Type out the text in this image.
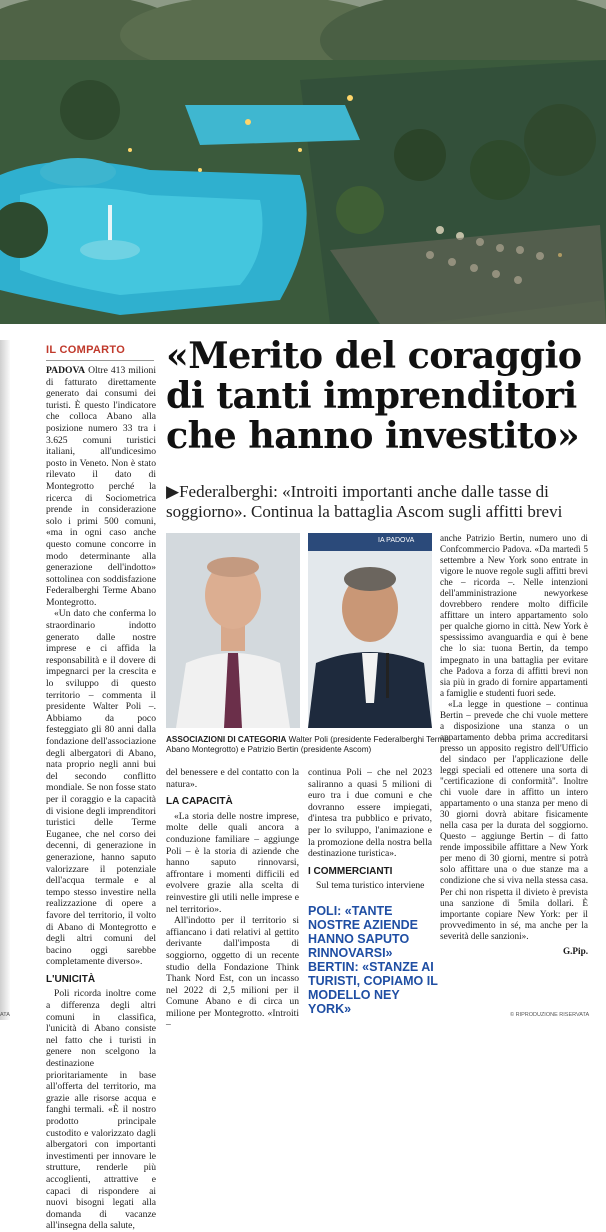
IL COMPARTO

PADOVA Oltre 413 milioni di fatturato direttamente generato dai consumi dei turisti. È questo l'indicatore che colloca Abano alla posizione numero 33 tra i 3.625 comuni turistici italiani, all'undicesimo posto in Veneto. Non è stato rilevato il dato di Montegrotto perché la ricerca di Sociometrica prende in considerazione solo i primi 500 comuni, «ma in ogni caso anche questo comune concorre in modo determinante alla generazione dell'indotto» sottolinea con soddisfazione Federalberghi Terme Abano Montegrotto.

«Un dato che conferma lo straordinario indotto generato dalle nostre imprese e ci affida la responsabilità e il dovere di impegnarci per la crescita e lo sviluppo di questo territorio – commenta il presidente Walter Poli –. Abbiamo da poco festeggiato gli 80 anni dalla fondazione dell'associazione degli albergatori di Abano, nata proprio negli anni bui del secondo conflitto mondiale. Se non fosse stato per il coraggio e la capacità di visione degli imprenditori turistici delle Terme Euganee, che nel corso dei decenni, di generazione in generazione, hanno saputo valorizzare il potenziale dell'acqua termale e al tempo stesso investire nella realizzazione di opere a favore del territorio, il volto di Abano di Montegrotto e degli altri comuni del bacino oggi sarebbe completamente diverso».

L'UNICITÀ

Poli ricorda inoltre come a differenza degli altri comuni in classifica, l'unicità di Abano consiste nel fatto che i turisti in genere non scelgono la destinazione prioritariamente in base all'offerta del territorio, ma grazie alle risorse acqua e fanghi termali. «È il nostro prodotto principale custodito e valorizzato dagli albergatori con importanti investimenti per innovare le strutture, renderle più accoglienti, attrattive e capaci di rispondere ai nuovi bisogni legati alla domanda di vacanze all'insegna della salute,

«Merito del coraggio di tanti imprenditori che hanno investito»
▶Federalberghi: «Introiti importanti anche dalle tasse di soggiorno». Continua la battaglia Ascom sugli affitti brevi
IA PADOVA
ASSOCIAZIONI DI CATEGORIA Walter Poli (presidente Federalberghi Terme Abano Montegrotto) e Patrizio Bertin (presidente Ascom)

del benessere e del contatto con la natura».

LA CAPACITÀ

«La storia delle nostre imprese, molte delle quali ancora a conduzione familiare – aggiunge Poli – è la storia di aziende che hanno saputo rinnovarsi, affrontare i momenti difficili ed evolvere grazie alla scelta di reinvestire gli utili nelle imprese e nel territorio».

All'indotto per il territorio si affiancano i dati relativi al gettito derivante dall'imposta di soggiorno, oggetto di un recente studio della Fondazione Think Thank Nord Est, con un incasso nel 2022 di 2,5 milioni per il Comune Abano e di circa un milione per Montegrotto. «Introiti –

continua Poli – che nel 2023 saliranno a quasi 5 milioni di euro tra i due comuni e che dovranno essere impiegati, d'intesa tra pubblico e privato, per lo sviluppo, l'animazione e la promozione della nostra bella destinazione turistica».

I COMMERCIANTI

Sul tema turistico interviene

POLI: «TANTE NOSTRE AZIENDE HANNO SAPUTO RINNOVARSI» BERTIN: «STANZE AI TURISTI, COPIAMO IL MODELLO NEY YORK»

anche Patrizio Bertin, numero uno di Confcommercio Padova. «Da martedì 5 settembre a New York sono entrate in vigore le nuove regole sugli affitti brevi che – ricorda –. Nelle intenzioni dell'amministrazione newyorkese dovrebbero rendere molto difficile affittare un intero appartamento solo per qualche giorno in città. New York è spessissimo avanguardia e qui è bene che lo sia: tuona Bertin, da tempo impegnato in una battaglia per evitare che Padova a forza di affitti brevi non sia più in grado di fornire appartamenti a famiglie e studenti fuori sede.

«La legge in questione – continua Bertin – prevede che chi vuole mettere a disposizione una stanza o un appartamento debba prima accreditarsi presso un apposito registro dell'Ufficio del sindaco per l'applicazione delle leggi speciali ed ottenere una sorta di "certificazione di conformità". Inoltre chi vuole dare in affitto un intero appartamento o una stanza per meno di 30 giorni dovrà abitare fisicamente nella casa per la durata del soggiorno. Questo – aggiunge Bertin – di fatto rende impossibile affittare a New York per meno di 30 giorni, mentre si potrà solo affittare una o due stanze ma a condizione che si viva nella stessa casa. Per chi non rispetta il divieto è prevista una sanzione di 5mila dollari. È importante copiare New York: per il provvedimento in sé, ma anche per la severità delle sanzioni».

G.Pip.
© RIPRODUZIONE RISERVATA
ATA
